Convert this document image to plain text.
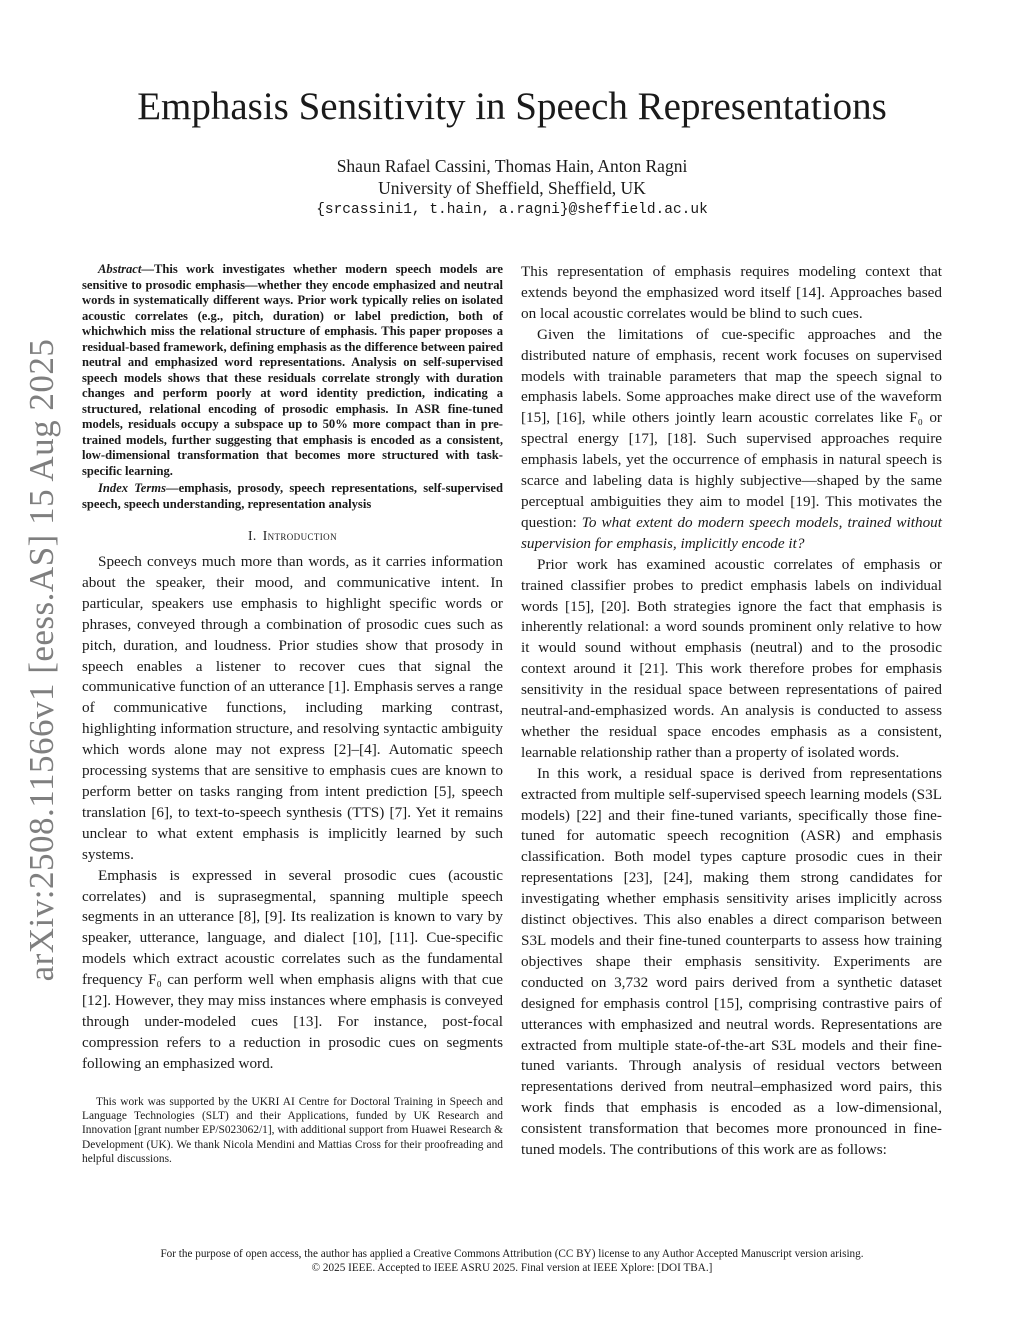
arXiv:2508.11566v1 [eess.AS] 15 Aug 2025
Emphasis Sensitivity in Speech Representations
Shaun Rafael Cassini, Thomas Hain, Anton Ragni
University of Sheffield, Sheffield, UK
{srcassini1, t.hain, a.ragni}@sheffield.ac.uk

Abstract—This work investigates whether modern speech models are sensitive to prosodic emphasis—whether they encode emphasized and neutral words in systematically different ways. Prior work typically relies on isolated acoustic correlates (e.g., pitch, duration) or label prediction, both of whichwhich miss the relational structure of emphasis. This paper proposes a residual-based framework, defining emphasis as the difference between paired neutral and emphasized word representations. Analysis on self-supervised speech models shows that these residuals correlate strongly with duration changes and perform poorly at word identity prediction, indicating a structured, relational encoding of prosodic emphasis. In ASR fine-tuned models, residuals occupy a subspace up to 50% more compact than in pre-trained models, further suggesting that emphasis is encoded as a consistent, low-dimensional transformation that becomes more structured with task-specific learning.

Index Terms—emphasis, prosody, speech representations, self-supervised speech, speech understanding, representation analysis

I. Introduction

Speech conveys much more than words, as it carries information about the speaker, their mood, and communicative intent. In particular, speakers use emphasis to highlight specific words or phrases, conveyed through a combination of prosodic cues such as pitch, duration, and loudness. Prior studies show that prosody in speech enables a listener to recover cues that signal the communicative function of an utterance [1]. Emphasis serves a range of communicative functions, including marking contrast, highlighting information structure, and resolving syntactic ambiguity which words alone may not express [2]–[4]. Automatic speech processing systems that are sensitive to emphasis cues are known to perform better on tasks ranging from intent prediction [5], speech translation [6], to text-to-speech synthesis (TTS) [7]. Yet it remains unclear to what extent emphasis is implicitly learned by such systems.

Emphasis is expressed in several prosodic cues (acoustic correlates) and is suprasegmental, spanning multiple speech segments in an utterance [8], [9]. Its realization is known to vary by speaker, utterance, language, and dialect [10], [11]. Cue-specific models which extract acoustic correlates such as the fundamental frequency F₀ can perform well when emphasis aligns with that cue [12]. However, they may miss instances where emphasis is conveyed through under-modeled cues [13]. For instance, post-focal compression refers to a reduction in prosodic cues on segments following an emphasized word.

This work was supported by the UKRI AI Centre for Doctoral Training in Speech and Language Technologies (SLT) and their Applications, funded by UK Research and Innovation [grant number EP/S023062/1], with additional support from Huawei Research & Development (UK). We thank Nicola Mendini and Mattias Cross for their proofreading and helpful discussions.

This representation of emphasis requires modeling context that extends beyond the emphasized word itself [14]. Approaches based on local acoustic correlates would be blind to such cues.

Given the limitations of cue-specific approaches and the distributed nature of emphasis, recent work focuses on supervised models with trainable parameters that map the speech signal to emphasis labels. Some approaches make direct use of the waveform [15], [16], while others jointly learn acoustic correlates like F₀ or spectral energy [17], [18]. Such supervised approaches require emphasis labels, yet the occurrence of emphasis in natural speech is scarce and labeling data is highly subjective—shaped by the same perceptual ambiguities they aim to model [19]. This motivates the question: To what extent do modern speech models, trained without supervision for emphasis, implicitly encode it?

Prior work has examined acoustic correlates of emphasis or trained classifier probes to predict emphasis labels on individual words [15], [20]. Both strategies ignore the fact that emphasis is inherently relational: a word sounds prominent only relative to how it would sound without emphasis (neutral) and to the prosodic context around it [21]. This work therefore probes for emphasis sensitivity in the residual space between representations of paired neutral-and-emphasized words. An analysis is conducted to assess whether the residual space encodes emphasis as a consistent, learnable relationship rather than a property of isolated words.

In this work, a residual space is derived from representations extracted from multiple self-supervised speech learning models (S3L models) [22] and their fine-tuned variants, specifically those fine-tuned for automatic speech recognition (ASR) and emphasis classification. Both model types capture prosodic cues in their representations [23], [24], making them strong candidates for investigating whether emphasis sensitivity arises implicitly across distinct objectives. This also enables a direct comparison between S3L models and their fine-tuned counterparts to assess how training objectives shape their emphasis sensitivity. Experiments are conducted on 3,732 word pairs derived from a synthetic dataset designed for emphasis control [15], comprising contrastive pairs of utterances with emphasized and neutral words. Representations are extracted from multiple state-of-the-art S3L models and their fine-tuned variants. Through analysis of residual vectors between representations derived from neutral–emphasized word pairs, this work finds that emphasis is encoded as a low-dimensional, consistent transformation that becomes more pronounced in fine-tuned models. The contributions of this work are as follows:

For the purpose of open access, the author has applied a Creative Commons Attribution (CC BY) license to any Author Accepted Manuscript version arising.
© 2025 IEEE. Accepted to IEEE ASRU 2025. Final version at IEEE Xplore: [DOI TBA.]
